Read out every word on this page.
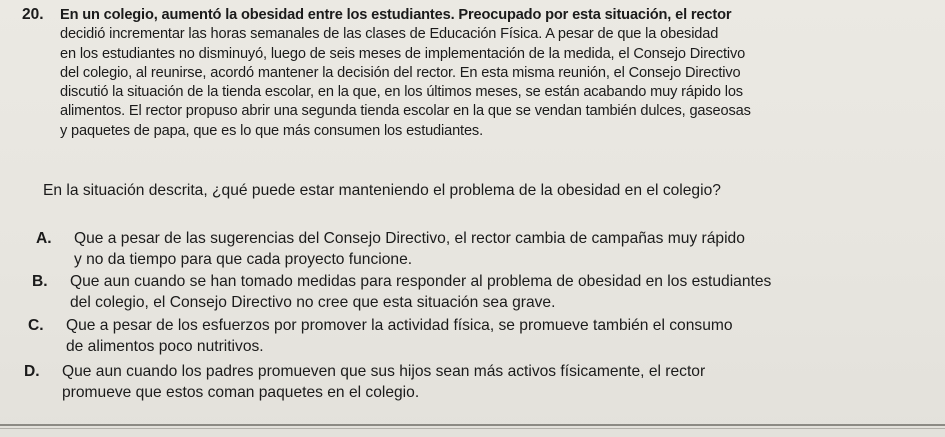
20. En un colegio, aumentó la obesidad entre los estudiantes. Preocupado por esta situación, el rector
decidió incrementar las horas semanales de las clases de Educación Física. A pesar de que la obesidad
en los estudiantes no disminuyó, luego de seis meses de implementación de la medida, el Consejo Directivo
del colegio, al reunirse, acordó mantener la decisión del rector. En esta misma reunión, el Consejo Directivo
discutió la situación de la tienda escolar, en la que, en los últimos meses, se están acabando muy rápido los
alimentos. El rector propuso abrir una segunda tienda escolar en la que se vendan también dulces, gaseosas
y paquetes de papa, que es lo que más consumen los estudiantes.
En la situación descrita, ¿qué puede estar manteniendo el problema de la obesidad en el colegio?
A. Que a pesar de las sugerencias del Consejo Directivo, el rector cambia de campañas muy rápido
y no da tiempo para que cada proyecto funcione.
B. Que aun cuando se han tomado medidas para responder al problema de obesidad en los estudiantes
del colegio, el Consejo Directivo no cree que esta situación sea grave.
C. Que a pesar de los esfuerzos por promover la actividad física, se promueve también el consumo
de alimentos poco nutritivos.
D. Que aun cuando los padres promueven que sus hijos sean más activos físicamente, el rector
promueve que estos coman paquetes en el colegio.
